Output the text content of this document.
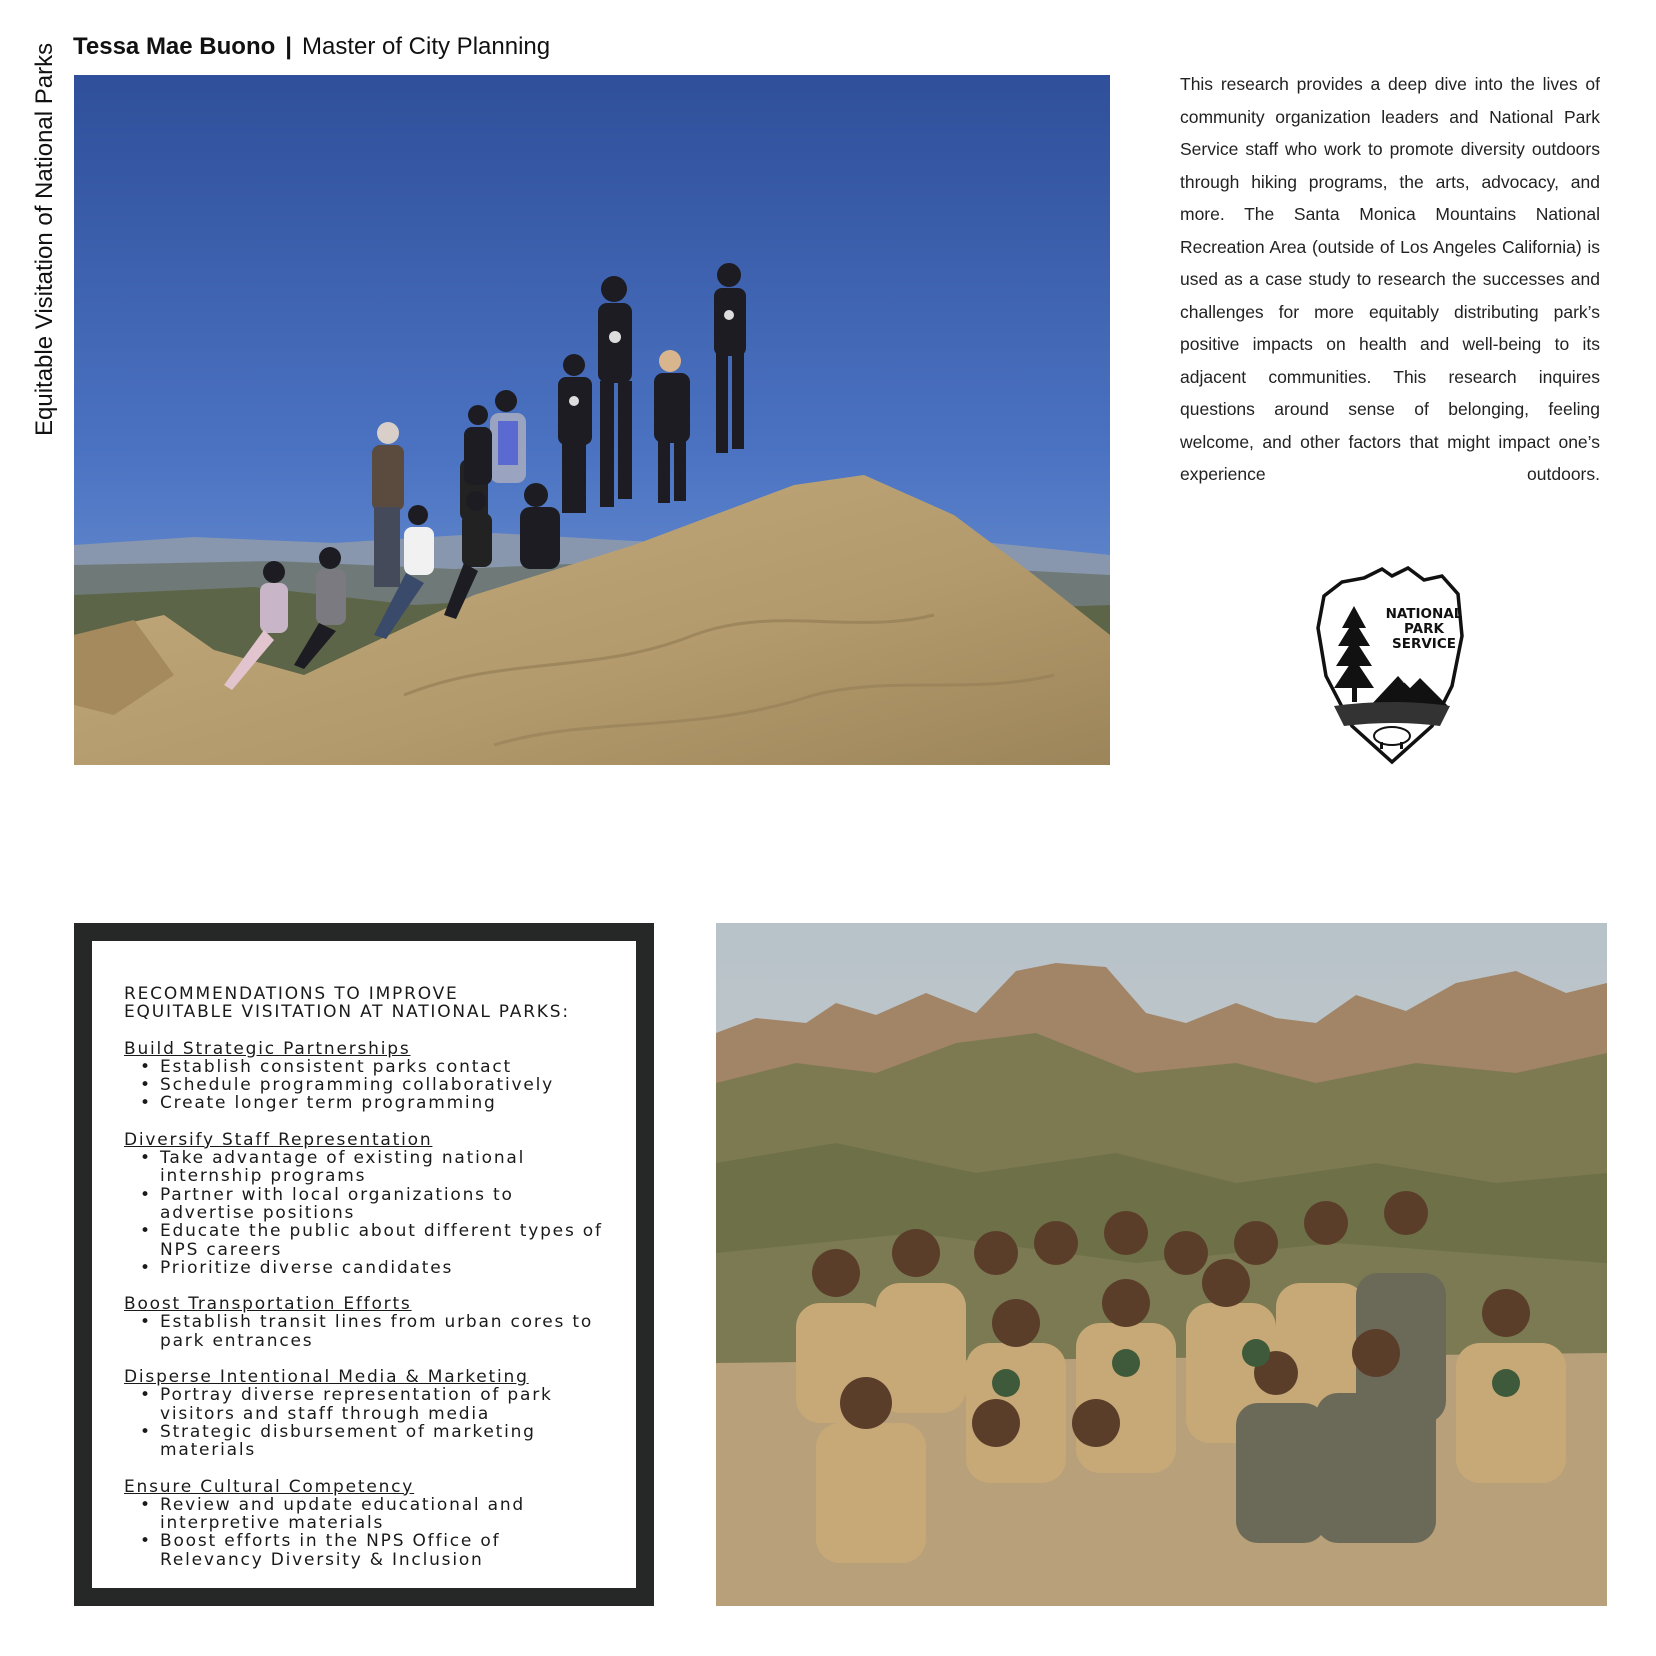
Equitable Visitation of National Parks Tessa Mae Buono | Master of City Planning
This research provides a deep dive into the lives of community organization leaders and National Park Service staff who work to promote diversity outdoors through hiking programs, the arts, advocacy, and more. The Santa Monica Mountains National Recreation Area (outside of Los Angeles California) is used as a case study to research the successes and challenges for more equitably distributing park’s positive impacts on health and well-being to its adjacent communities. This research inquires questions around sense of belonging, feeling welcome, and other factors that might impact one’s experience outdoors.
NATIONAL
PARK
SERVICE
RECOMMENDATIONS TO IMPROVE
EQUITABLE VISITATION AT NATIONAL PARKS:
Build Strategic Partnerships
• Establish consistent parks contact
• Schedule programming collaboratively
• Create longer term programming
Diversify Staff Representation
• Take advantage of existing national internship programs
• Partner with local organizations to advertise positions
• Educate the public about different types of NPS careers
• Prioritize diverse candidates
Boost Transportation Efforts
• Establish transit lines from urban cores to park entrances
Disperse Intentional Media & Marketing
• Portray diverse representation of park visitors and staff through media
• Strategic disbursement of marketing materials
Ensure Cultural Competency
• Review and update educational and interpretive materials
• Boost efforts in the NPS Office of Relevancy Diversity & Inclusion
